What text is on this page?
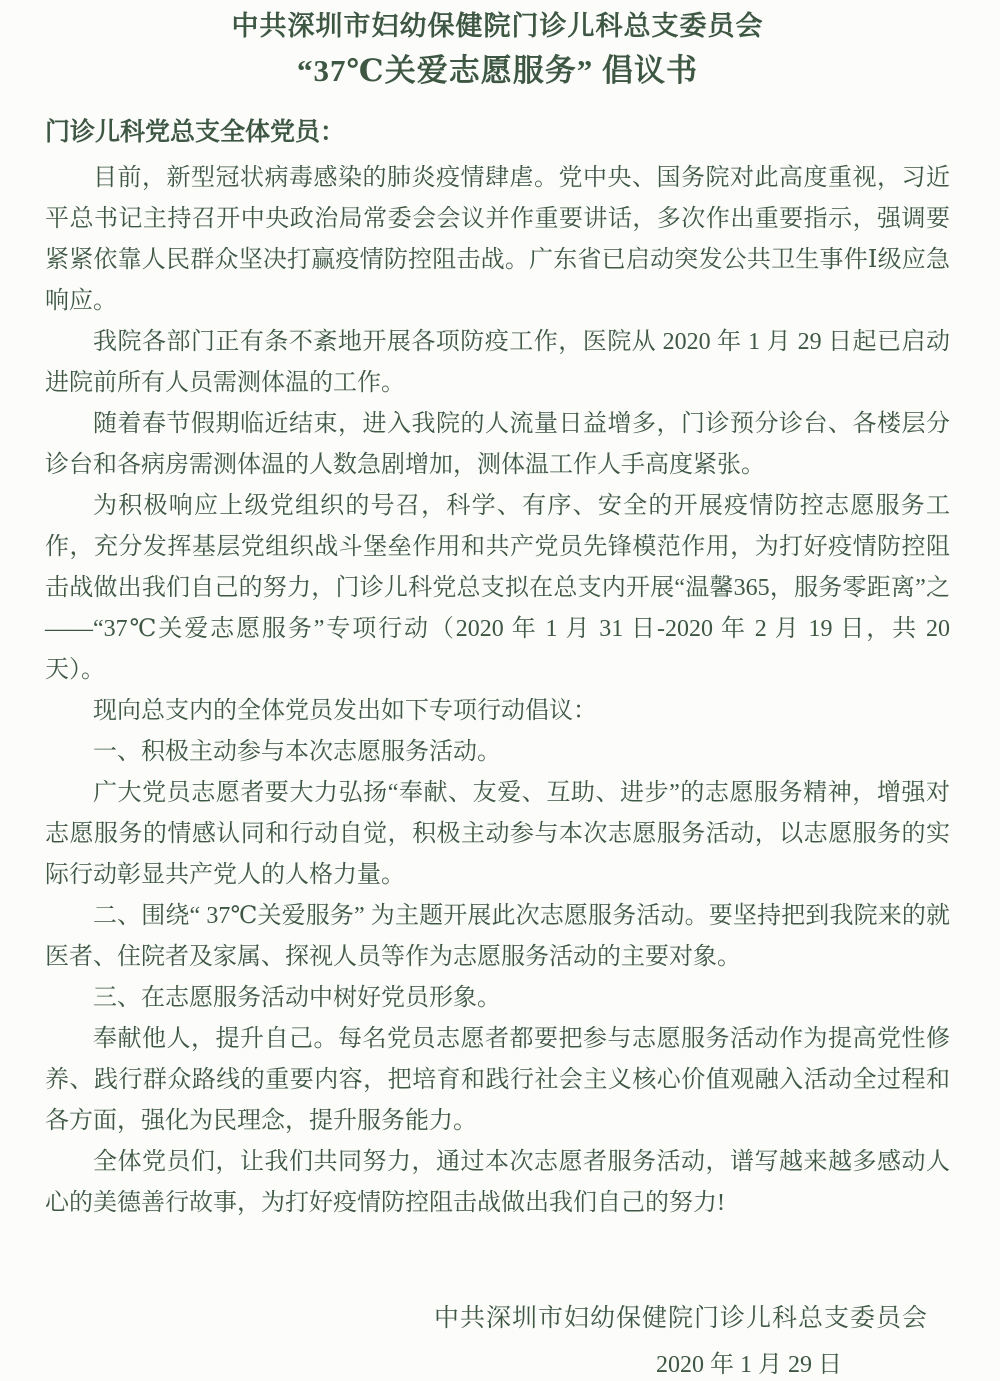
中共深圳市妇幼保健院门诊儿科总支委员会
“37℃关爱志愿服务” 倡议书

门诊儿科党总支全体党员：

目前，新型冠状病毒感染的肺炎疫情肆虐。党中央、国务院对此高度重视，习近平总书记主持召开中央政治局常委会会议并作重要讲话，多次作出重要指示，强调要紧紧依靠人民群众坚决打赢疫情防控阻击战。广东省已启动突发公共卫生事件Ⅰ级应急响应。

我院各部门正有条不紊地开展各项防疫工作，医院从 2020 年 1 月 29 日起已启动进院前所有人员需测体温的工作。

随着春节假期临近结束，进入我院的人流量日益增多，门诊预分诊台、各楼层分诊台和各病房需测体温的人数急剧增加，测体温工作人手高度紧张。

为积极响应上级党组织的号召，科学、有序、安全的开展疫情防控志愿服务工作，充分发挥基层党组织战斗堡垒作用和共产党员先锋模范作用，为打好疫情防控阻击战做出我们自己的努力，门诊儿科党总支拟在总支内开展“温馨365，服务零距离”之——“37℃关爱志愿服务”专项行动（2020 年 1 月 31 日-2020 年 2 月 19 日，共 20 天）。

现向总支内的全体党员发出如下专项行动倡议：

一、积极主动参与本次志愿服务活动。

广大党员志愿者要大力弘扬“奉献、友爱、互助、进步”的志愿服务精神，增强对志愿服务的情感认同和行动自觉，积极主动参与本次志愿服务活动，以志愿服务的实际行动彰显共产党人的人格力量。

二、围绕“ 37℃关爱服务” 为主题开展此次志愿服务活动。要坚持把到我院来的就医者、住院者及家属、探视人员等作为志愿服务活动的主要对象。

三、在志愿服务活动中树好党员形象。

奉献他人，提升自己。每名党员志愿者都要把参与志愿服务活动作为提高党性修养、践行群众路线的重要内容，把培育和践行社会主义核心价值观融入活动全过程和各方面，强化为民理念，提升服务能力。

全体党员们，让我们共同努力，通过本次志愿者服务活动，谱写越来越多感动人心的美德善行故事，为打好疫情防控阻击战做出我们自己的努力!

中共深圳市妇幼保健院门诊儿科总支委员会

2020 年 1 月 29 日
